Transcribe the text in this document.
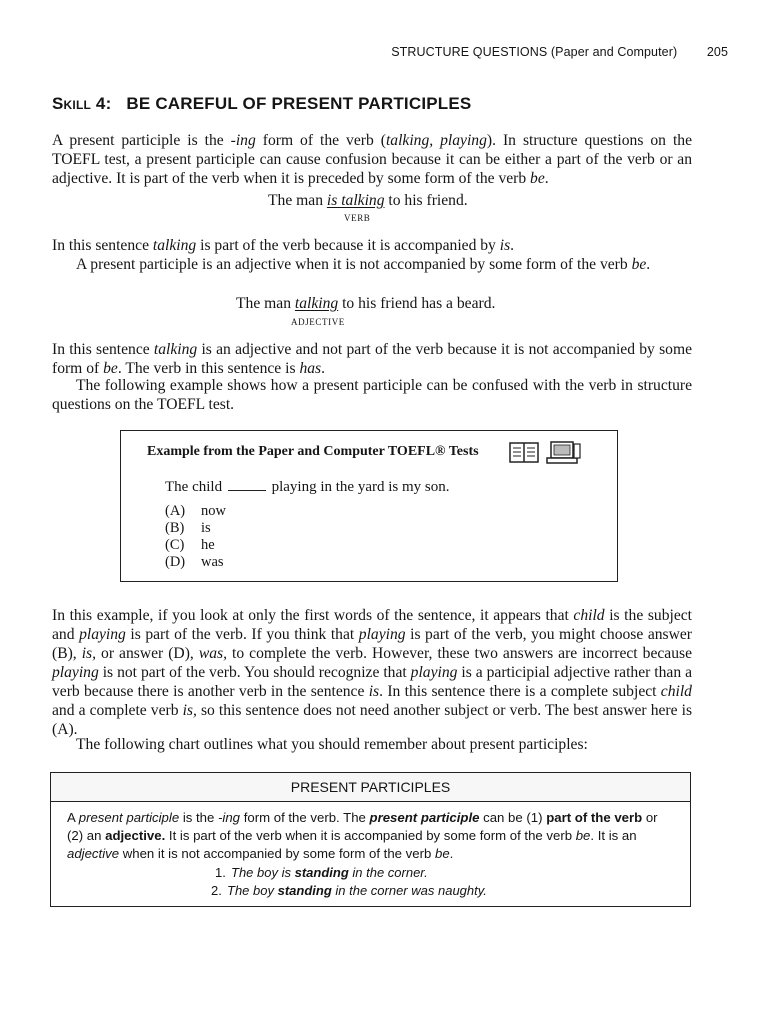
STRUCTURE QUESTIONS (Paper and Computer) 205
Skill 4: BE CAREFUL OF PRESENT PARTICIPLES
A present participle is the -ing form of the verb (talking, playing). In structure questions on the TOEFL test, a present participle can cause confusion because it can be either a part of the verb or an adjective. It is part of the verb when it is preceded by some form of the verb be.
The man is talking to his friend.
VERB
In this sentence talking is part of the verb because it is accompanied by is.
A present participle is an adjective when it is not accompanied by some form of the verb be.
The man talking to his friend has a beard.
ADJECTIVE
In this sentence talking is an adjective and not part of the verb because it is not accompanied by some form of be. The verb in this sentence is has.
The following example shows how a present participle can be confused with the verb in structure questions on the TOEFL test.
Example from the Paper and Computer TOEFL® Tests
The child	playing in the yard is my son.
(A) now
(B) is
(C) he
(D) was
In this example, if you look at only the first words of the sentence, it appears that child is the subject and playing is part of the verb. If you think that playing is part of the verb, you might choose answer (B), is, or answer (D), was, to complete the verb. However, these two answers are incorrect because playing is not part of the verb. You should recognize that playing is a participial adjective rather than a verb because there is another verb in the sentence is. In this sentence there is a complete subject child and a complete verb is, so this sentence does not need another subject or verb. The best answer here is (A).
The following chart outlines what you should remember about present participles:
PRESENT PARTICIPLES
A present participle is the -ing form of the verb. The present participle can be (1) part of the verb or (2) an adjective. It is part of the verb when it is accompanied by some form of the verb be. It is an adjective when it is not accompanied by some form of the verb be.
1. The boy is standing in the corner.
2. The boy standing in the corner was naughty.
